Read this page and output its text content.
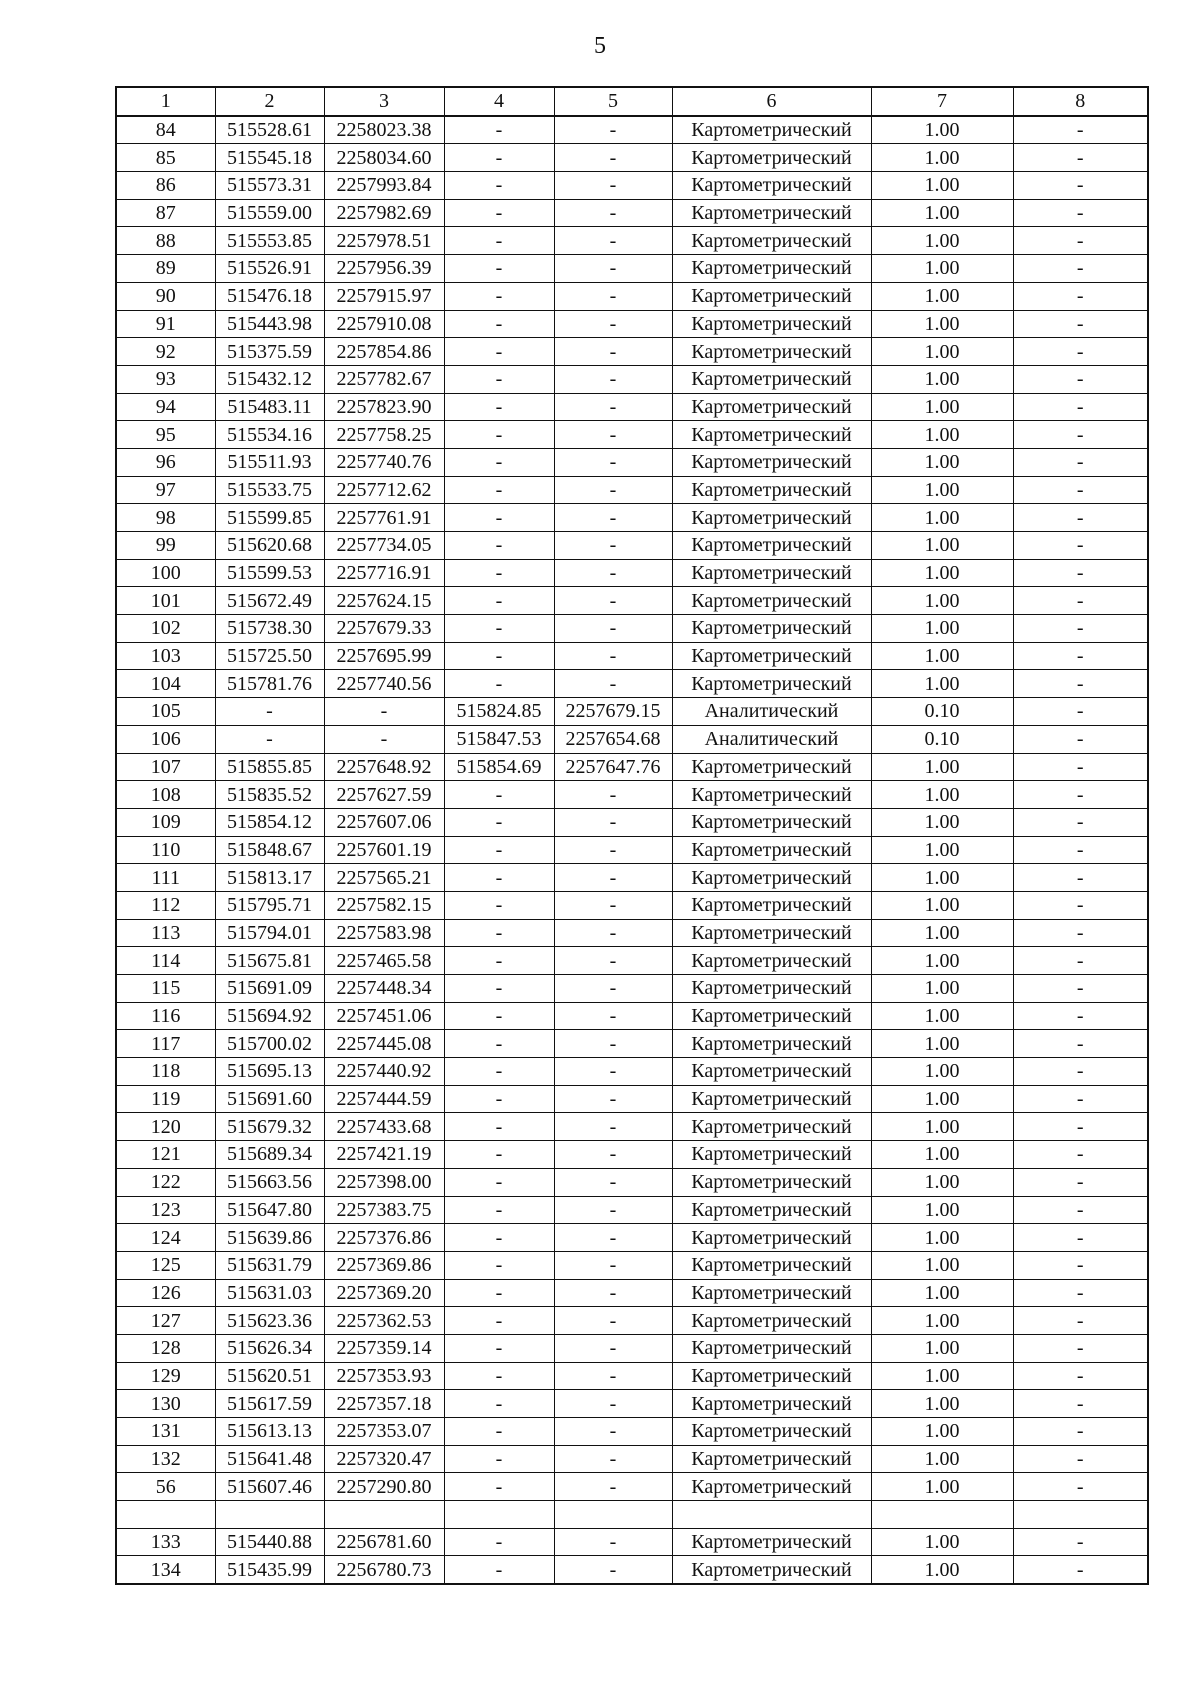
5
1	2	3	4	5	6	7	8
84	515528.61	2258023.38	-	-	Картометрический	1.00	-
85	515545.18	2258034.60	-	-	Картометрический	1.00	-
86	515573.31	2257993.84	-	-	Картометрический	1.00	-
87	515559.00	2257982.69	-	-	Картометрический	1.00	-
88	515553.85	2257978.51	-	-	Картометрический	1.00	-
89	515526.91	2257956.39	-	-	Картометрический	1.00	-
90	515476.18	2257915.97	-	-	Картометрический	1.00	-
91	515443.98	2257910.08	-	-	Картометрический	1.00	-
92	515375.59	2257854.86	-	-	Картометрический	1.00	-
93	515432.12	2257782.67	-	-	Картометрический	1.00	-
94	515483.11	2257823.90	-	-	Картометрический	1.00	-
95	515534.16	2257758.25	-	-	Картометрический	1.00	-
96	515511.93	2257740.76	-	-	Картометрический	1.00	-
97	515533.75	2257712.62	-	-	Картометрический	1.00	-
98	515599.85	2257761.91	-	-	Картометрический	1.00	-
99	515620.68	2257734.05	-	-	Картометрический	1.00	-
100	515599.53	2257716.91	-	-	Картометрический	1.00	-
101	515672.49	2257624.15	-	-	Картометрический	1.00	-
102	515738.30	2257679.33	-	-	Картометрический	1.00	-
103	515725.50	2257695.99	-	-	Картометрический	1.00	-
104	515781.76	2257740.56	-	-	Картометрический	1.00	-
105	-	-	515824.85	2257679.15	Аналитический	0.10	-
106	-	-	515847.53	2257654.68	Аналитический	0.10	-
107	515855.85	2257648.92	515854.69	2257647.76	Картометрический	1.00	-
108	515835.52	2257627.59	-	-	Картометрический	1.00	-
109	515854.12	2257607.06	-	-	Картометрический	1.00	-
110	515848.67	2257601.19	-	-	Картометрический	1.00	-
111	515813.17	2257565.21	-	-	Картометрический	1.00	-
112	515795.71	2257582.15	-	-	Картометрический	1.00	-
113	515794.01	2257583.98	-	-	Картометрический	1.00	-
114	515675.81	2257465.58	-	-	Картометрический	1.00	-
115	515691.09	2257448.34	-	-	Картометрический	1.00	-
116	515694.92	2257451.06	-	-	Картометрический	1.00	-
117	515700.02	2257445.08	-	-	Картометрический	1.00	-
118	515695.13	2257440.92	-	-	Картометрический	1.00	-
119	515691.60	2257444.59	-	-	Картометрический	1.00	-
120	515679.32	2257433.68	-	-	Картометрический	1.00	-
121	515689.34	2257421.19	-	-	Картометрический	1.00	-
122	515663.56	2257398.00	-	-	Картометрический	1.00	-
123	515647.80	2257383.75	-	-	Картометрический	1.00	-
124	515639.86	2257376.86	-	-	Картометрический	1.00	-
125	515631.79	2257369.86	-	-	Картометрический	1.00	-
126	515631.03	2257369.20	-	-	Картометрический	1.00	-
127	515623.36	2257362.53	-	-	Картометрический	1.00	-
128	515626.34	2257359.14	-	-	Картометрический	1.00	-
129	515620.51	2257353.93	-	-	Картометрический	1.00	-
130	515617.59	2257357.18	-	-	Картометрический	1.00	-
131	515613.13	2257353.07	-	-	Картометрический	1.00	-
132	515641.48	2257320.47	-	-	Картометрический	1.00	-
56	515607.46	2257290.80	-	-	Картометрический	1.00	-

133	515440.88	2256781.60	-	-	Картометрический	1.00	-
134	515435.99	2256780.73	-	-	Картометрический	1.00	-
